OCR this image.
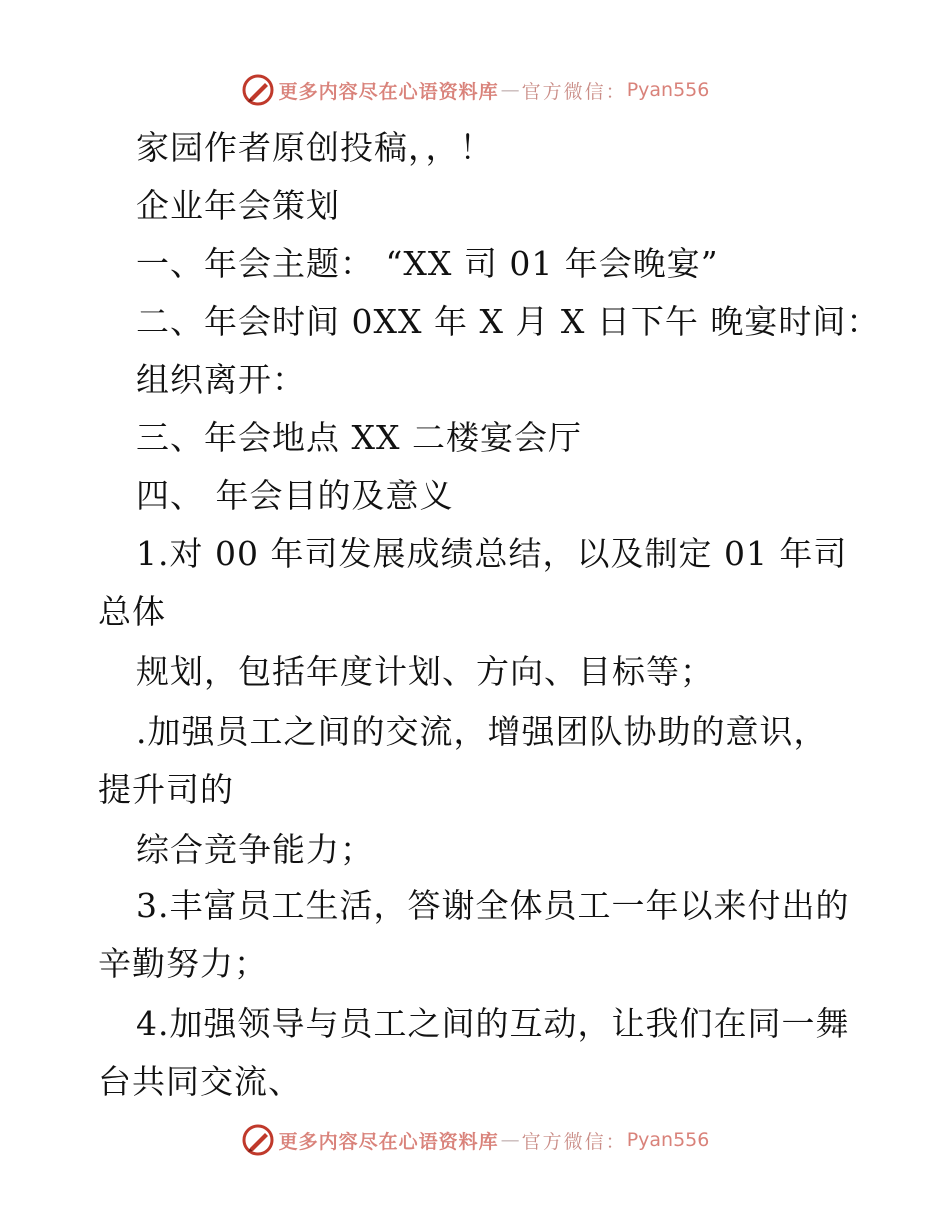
更多内容尽在心语资料库 — 官方微信： Pyan556
家园作者原创投稿，，！
企业年会策划
一、年会主题： “XX 司 01 年会晚宴”
二、年会时间 0XX 年 X 月 X 日下午 晚宴时间：
组织离开：
三、年会地点 XX 二楼宴会厅
四、 年会目的及意义
1.对 00 年司发展成绩总结，以及制定 01 年司
总体
规划，包括年度计划、方向、目标等；
.加强员工之间的交流，增强团队协助的意识，
提升司的
综合竞争能力；
3.丰富员工生活，答谢全体员工一年以来付出的
辛勤努力；
4.加强领导与员工之间的互动，让我们在同一舞
台共同交流、
更多内容尽在心语资料库 — 官方微信： Pyan556
